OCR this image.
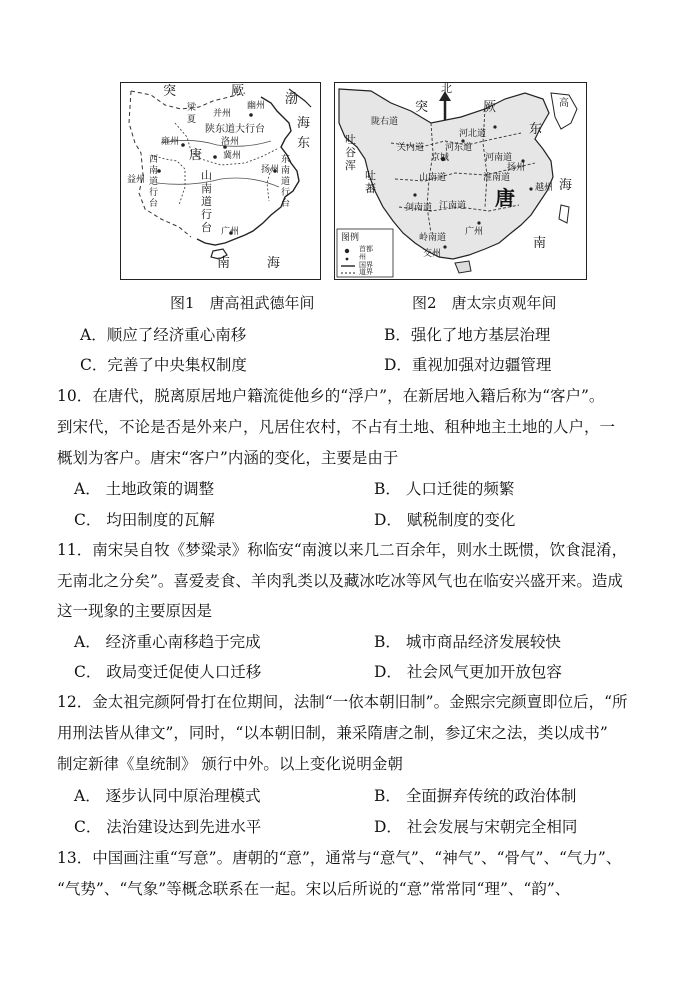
突	厥
幽州
梁
夏
并州
渤
陕东道大行台
雍州	洛州
海
东
唐 冀州
西南道行台
山南道行台
东南道行台
扬州
益州
广州
南	海
北
突	厥	高
吐谷浑
吐蕃
河北道
关内道 河东道
京城	河南道
扬州
淮南道
山南道
唐
东
海
越州
江南道
剑南道
陇右道
广州
岭南道
交州
南
图例
首都
州
国界
道界
图1　唐高祖武德年间	图2　唐太宗贞观年间
A．顺应了经济重心南移	B．强化了地方基层治理
C．完善了中央集权制度	D．重视加强对边疆管理
10．在唐代，脱离原居地户籍流徙他乡的“浮户”，在新居地入籍后称为“客户”。
到宋代，不论是否是外来户，凡居住农村，不占有土地、租种地主土地的人户，一
概划为客户。唐宋“客户”内涵的变化，主要是由于
A． 土地政策的调整	B． 人口迁徙的频繁
C． 均田制度的瓦解	D． 赋税制度的变化
11．南宋吴自牧《梦粱录》称临安“南渡以来几二百余年，则水土既惯，饮食混淆，
无南北之分矣”。喜爱麦食、羊肉乳类以及藏冰吃冰等风气也在临安兴盛开来。造成
这一现象的主要原因是
A． 经济重心南移趋于完成	B． 城市商品经济发展较快
C． 政局变迁促使人口迁移	D． 社会风气更加开放包容
12．金太祖完颜阿骨打在位期间，法制“一依本朝旧制”。金熙宗完颜亶即位后，“所
用刑法皆从律文”，同时，“以本朝旧制，兼采隋唐之制，参辽宋之法，类以成书”
制定新律《皇统制》 颁行中外。以上变化说明金朝
A． 逐步认同中原治理模式	B． 全面摒弃传统的政治体制
C． 法治建设达到先进水平	D． 社会发展与宋朝完全相同
13．中国画注重“写意”。唐朝的“意”，通常与“意气”、“神气”、“骨气”、“气力”、
“气势”、“气象”等概念联系在一起。宋以后所说的“意”常常同“理”、“韵”、
